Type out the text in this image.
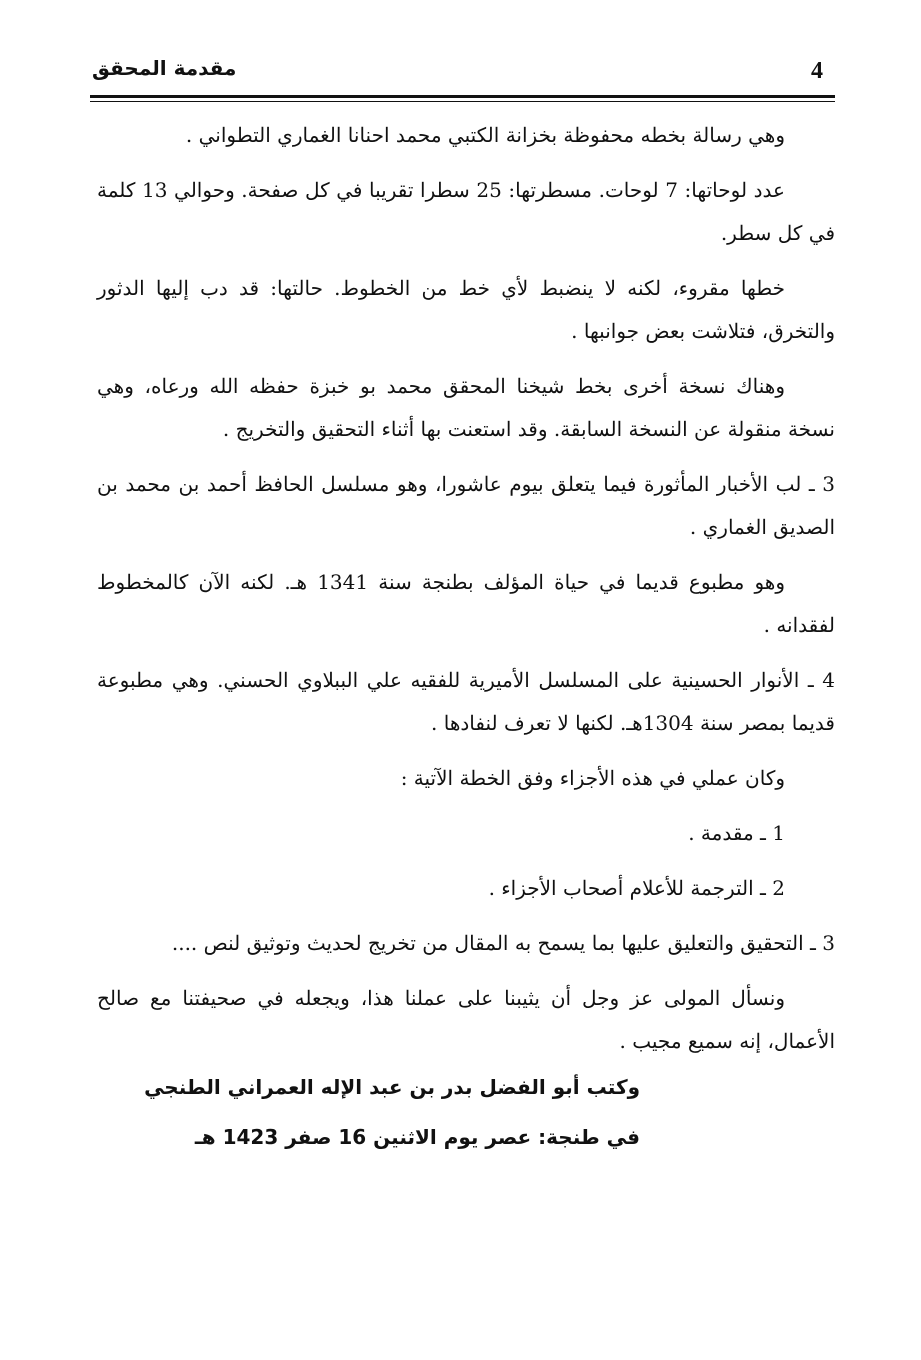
4
مقدمة المحقق

وهي رسالة بخطه محفوظة بخزانة الكتبي محمد احنانا الغماري التطواني .

عدد لوحاتها: 7 لوحات. مسطرتها: 25 سطرا تقريبا في كل صفحة. وحوالي 13 كلمة في كل سطر.

خطها مقروء، لكنه لا ينضبط لأي خط من الخطوط. حالتها: قد دب إليها الدثور والتخرق، فتلاشت بعض جوانبها .

وهناك نسخة أخرى بخط شيخنا المحقق محمد بو خبزة حفظه الله ورعاه، وهي نسخة منقولة عن النسخة السابقة. وقد استعنت بها أثناء التحقيق والتخريج .

3 ـ لب الأخبار المأثورة فيما يتعلق بيوم عاشورا، وهو مسلسل الحافظ أحمد بن محمد بن الصديق الغماري .

وهو مطبوع قديما في حياة المؤلف بطنجة سنة 1341 هـ. لكنه الآن كالمخطوط لفقدانه .

4 ـ الأنوار الحسينية على المسلسل الأميرية للفقيه علي الببلاوي الحسني. وهي مطبوعة قديما بمصر سنة 1304هـ. لكنها لا تعرف لنفادها .

وكان عملي في هذه الأجزاء وفق الخطة الآتية :

1 ـ مقدمة .

2 ـ الترجمة للأعلام أصحاب الأجزاء .

3 ـ التحقيق والتعليق عليها بما يسمح به المقال من تخريج لحديث وتوثيق لنص ....

ونسأل المولى عز وجل أن يثيبنا على عملنا هذا، ويجعله في صحيفتنا مع صالح الأعمال، إنه سميع مجيب .

وكتب أبو الفضل بدر بن عبد الإله العمراني الطنجي

في طنجة: عصر يوم الاثنين 16 صفر 1423 هـ
